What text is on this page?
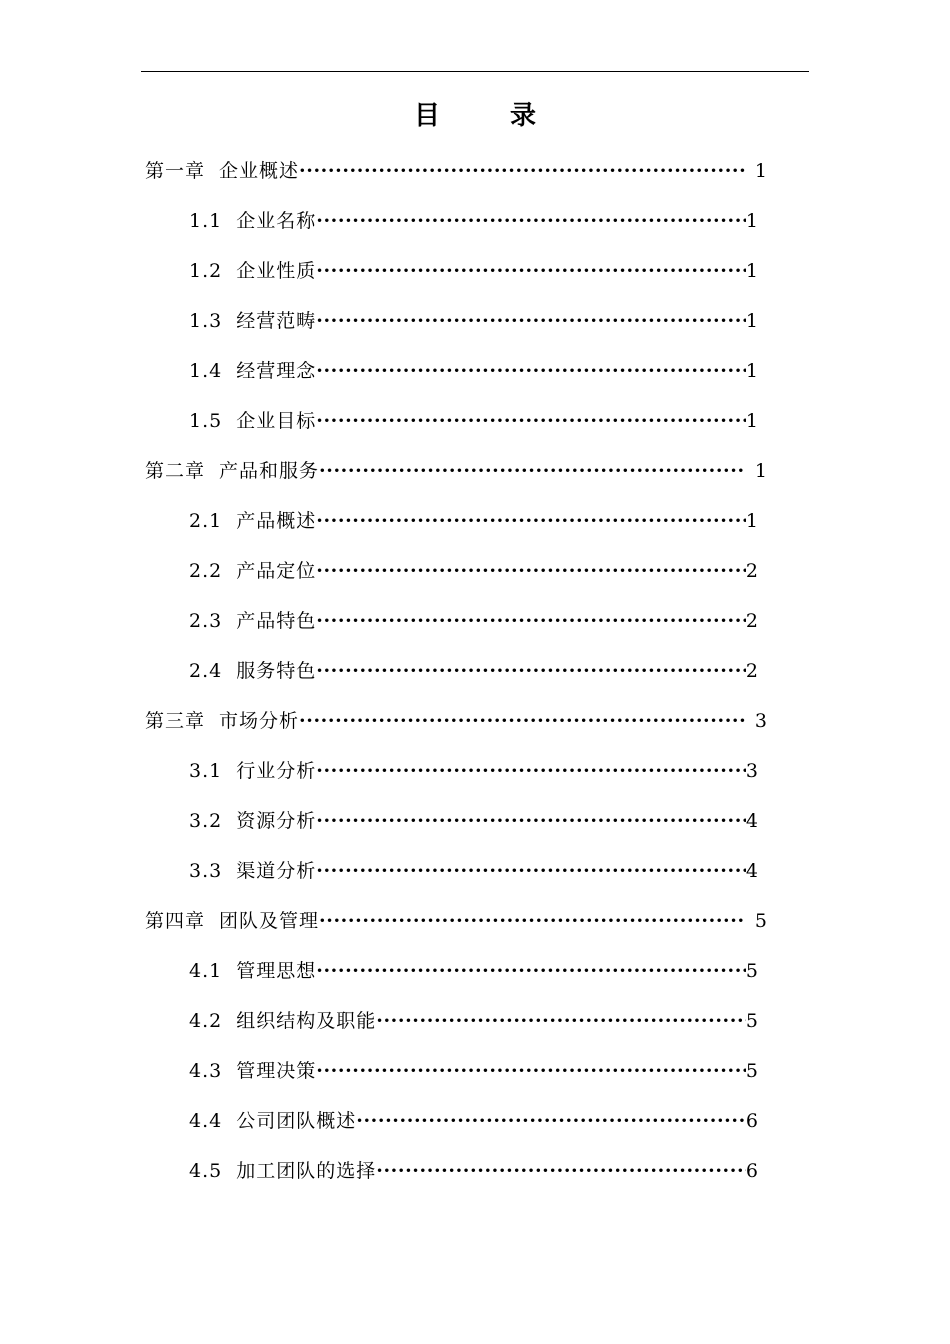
目　录
第一章 企业概述 ·····	1
1.1 企业名称 ·····	1
1.2 企业性质 ·····	1
1.3 经营范畴 ·····	1
1.4 经营理念 ·····	1
1.5 企业目标 ·····	1
第二章 产品和服务 ·····	1
2.1 产品概述 ·····	1
2.2 产品定位 ·····	2
2.3 产品特色 ·····	2
2.4 服务特色 ·····	2
第三章 市场分析 ·····	3
3.1 行业分析 ·····	3
3.2 资源分析 ·····	4
3.3 渠道分析 ·····	4
第四章 团队及管理 ·····	5
4.1 管理思想 ·····	5
4.2 组织结构及职能 ·····	5
4.3 管理决策 ·····	5
4.4 公司团队概述 ·····	6
4.5 加工团队的选择 ·····	6
